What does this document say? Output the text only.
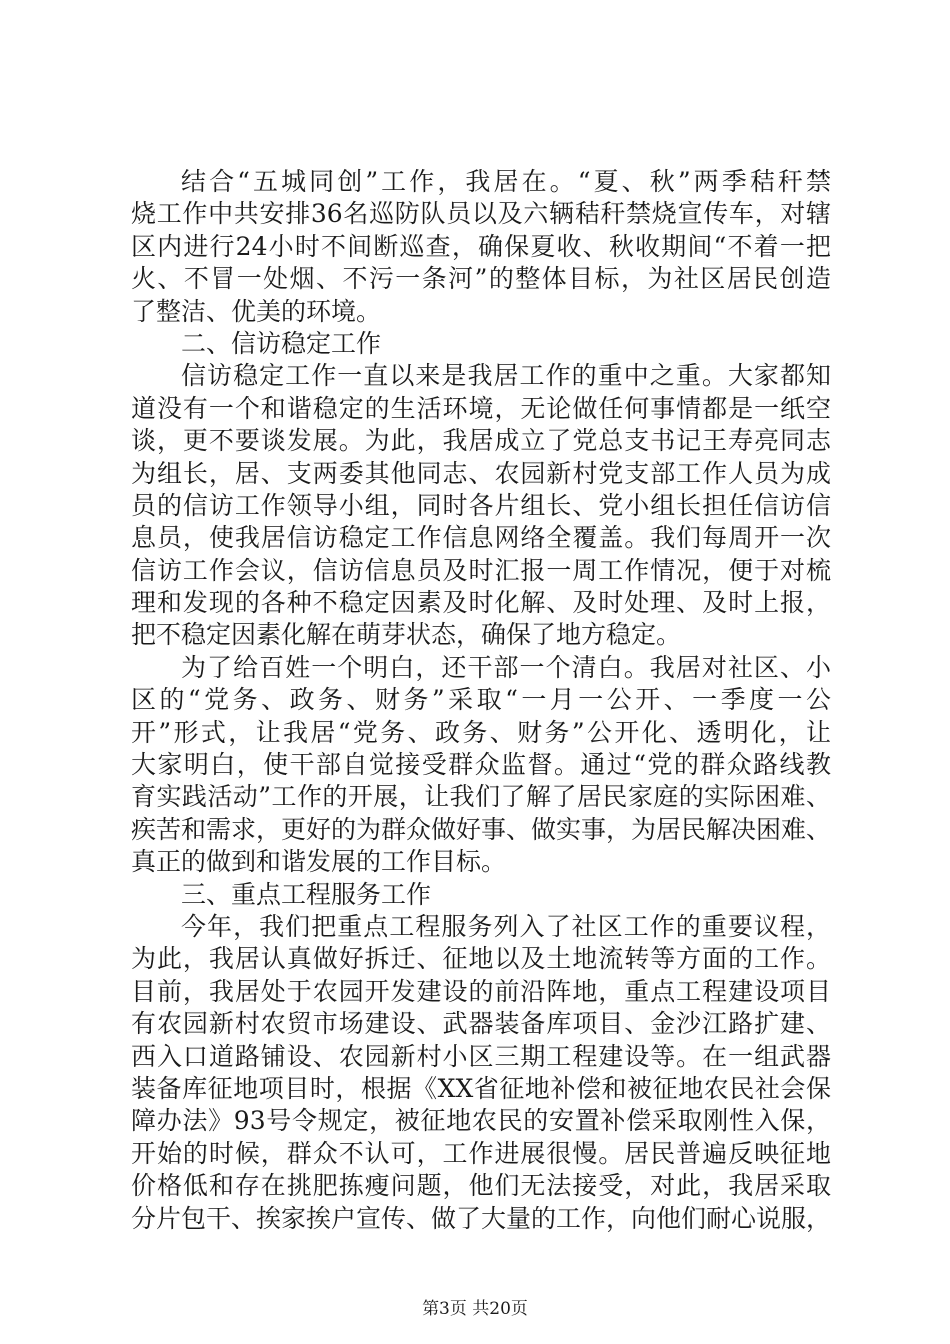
结合“五城同创”工作，我居在。“夏、秋”两季秸秆禁
烧工作中共安排36名巡防队员以及六辆秸秆禁烧宣传车，对辖
区内进行24小时不间断巡查，确保夏收、秋收期间“不着一把
火、不冒一处烟、不污一条河”的整体目标，为社区居民创造
了整洁、优美的环境。
二、信访稳定工作
信访稳定工作一直以来是我居工作的重中之重。大家都知
道没有一个和谐稳定的生活环境，无论做任何事情都是一纸空
谈，更不要谈发展。为此，我居成立了党总支书记王寿亮同志
为组长，居、支两委其他同志、农园新村党支部工作人员为成
员的信访工作领导小组，同时各片组长、党小组长担任信访信
息员，使我居信访稳定工作信息网络全覆盖。我们每周开一次
信访工作会议，信访信息员及时汇报一周工作情况，便于对梳
理和发现的各种不稳定因素及时化解、及时处理、及时上报，
把不稳定因素化解在萌芽状态，确保了地方稳定。
为了给百姓一个明白，还干部一个清白。我居对社区、小
区的“党务、政务、财务”采取“一月一公开、一季度一公
开”形式，让我居“党务、政务、财务”公开化、透明化，让
大家明白，使干部自觉接受群众监督。通过“党的群众路线教
育实践活动”工作的开展，让我们了解了居民家庭的实际困难、
疾苦和需求，更好的为群众做好事、做实事，为居民解决困难、
真正的做到和谐发展的工作目标。
三、重点工程服务工作
今年，我们把重点工程服务列入了社区工作的重要议程，
为此，我居认真做好拆迁、征地以及土地流转等方面的工作。
目前，我居处于农园开发建设的前沿阵地，重点工程建设项目
有农园新村农贸市场建设、武器装备库项目、金沙江路扩建、
西入口道路铺设、农园新村小区三期工程建设等。在一组武器
装备库征地项目时，根据《XX省征地补偿和被征地农民社会保
障办法》93号令规定，被征地农民的安置补偿采取刚性入保，
开始的时候，群众不认可，工作进展很慢。居民普遍反映征地
价格低和存在挑肥拣瘦问题，他们无法接受，对此，我居采取
分片包干、挨家挨户宣传、做了大量的工作，向他们耐心说服，
第3页 共20页
